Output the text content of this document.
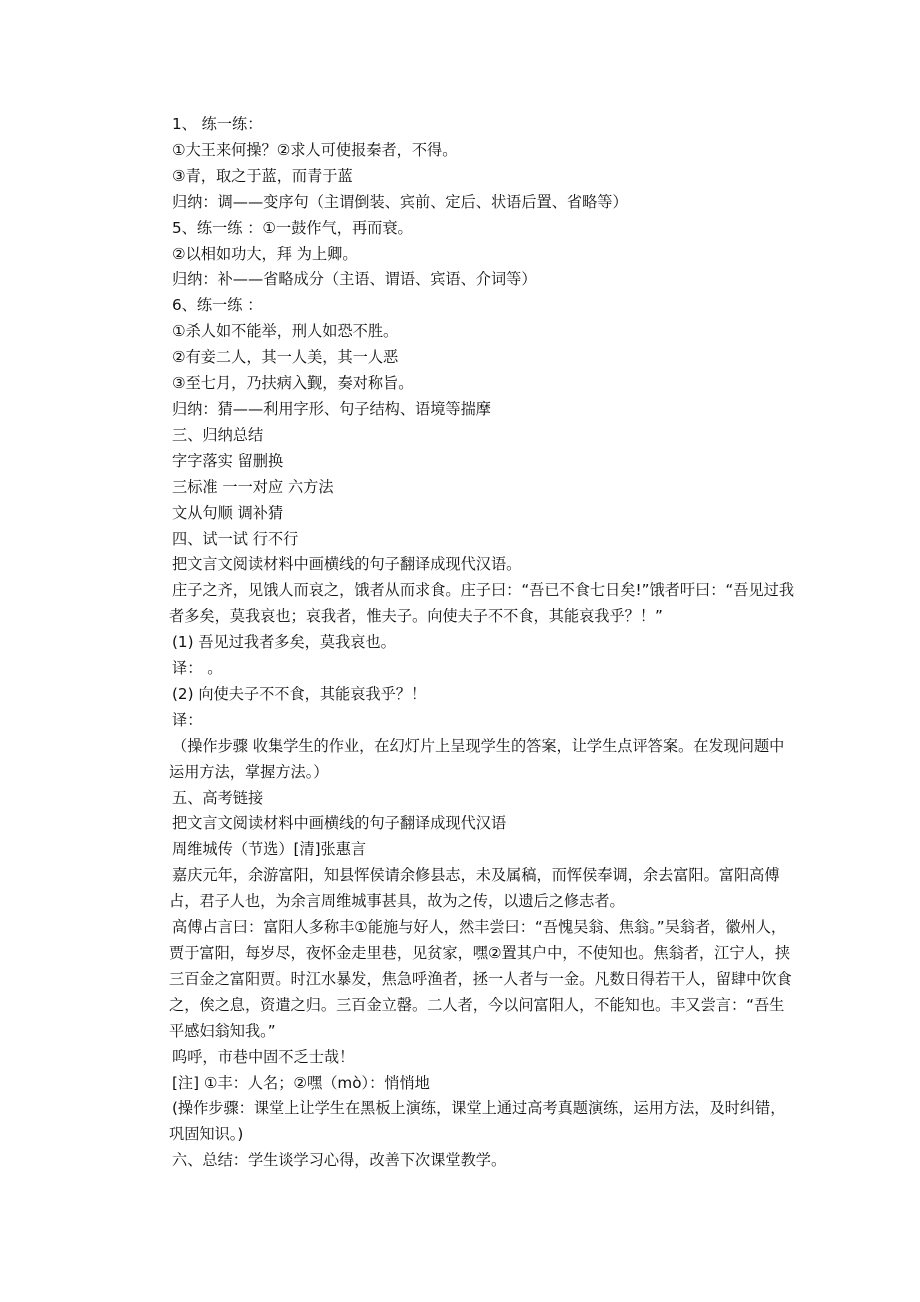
1、 练一练：

①大王来何操？②求人可使报秦者，不得。

③青，取之于蓝，而青于蓝

归纳：调——变序句（主谓倒装、宾前、定后、状语后置、省略等）

5、练一练 ：①一鼓作气，再而衰。

②以相如功大，拜 为上卿。

归纳：补——省略成分（主语、谓语、宾语、介词等）

6、练一练 ：

①杀人如不能举，刑人如恐不胜。

②有妾二人，其一人美，其一人恶

③至七月，乃扶病入觐，奏对称旨。

归纳：猜——利用字形、句子结构、语境等揣摩

三、归纳总结

字字落实 留删换

三标准 一一对应 六方法

文从句顺 调补猜

四、试一试 行不行

把文言文阅读材料中画横线的句子翻译成现代汉语。

庄子之齐，见饿人而哀之，饿者从而求食。庄子曰：“吾已不食七日矣!”饿者吁曰：“吾见过我者多矣，莫我哀也；哀我者，惟夫子。向使夫子不不食，其能哀我乎？！”

(1) 吾见过我者多矣，莫我哀也。

译： 。

(2) 向使夫子不不食，其能哀我乎？！

译：

（操作步骤 收集学生的作业，在幻灯片上呈现学生的答案，让学生点评答案。在发现问题中运用方法，掌握方法。）

五、高考链接

把文言文阅读材料中画横线的句子翻译成现代汉语

周维城传（节选）[清]张惠言

嘉庆元年，余游富阳，知县恽侯请余修县志，未及属稿，而恽侯奉调，余去富阳。富阳高傅占，君子人也，为余言周维城事甚具，故为之传，以遗后之修志者。

高傅占言曰：富阳人多称丰①能施与好人，然丰尝曰：“吾愧吴翁、焦翁。”吴翁者，徽州人，贾于富阳，每岁尽，夜怀金走里巷，见贫家，嘿②置其户中，不使知也。焦翁者，江宁人，挟三百金之富阳贾。时江水暴发，焦急呼渔者，拯一人者与一金。凡数日得若干人，留肆中饮食之，俟之息，资遣之归。三百金立罄。二人者，今以问富阳人，不能知也。丰又尝言：“吾生平感妇翁知我。”

呜呼，市巷中固不乏士哉！

[注] ①丰：人名；②嘿（mò）：悄悄地

(操作步骤：课堂上让学生在黑板上演练，课堂上通过高考真题演练，运用方法，及时纠错，巩固知识。)

六、总结：学生谈学习心得，改善下次课堂教学。
